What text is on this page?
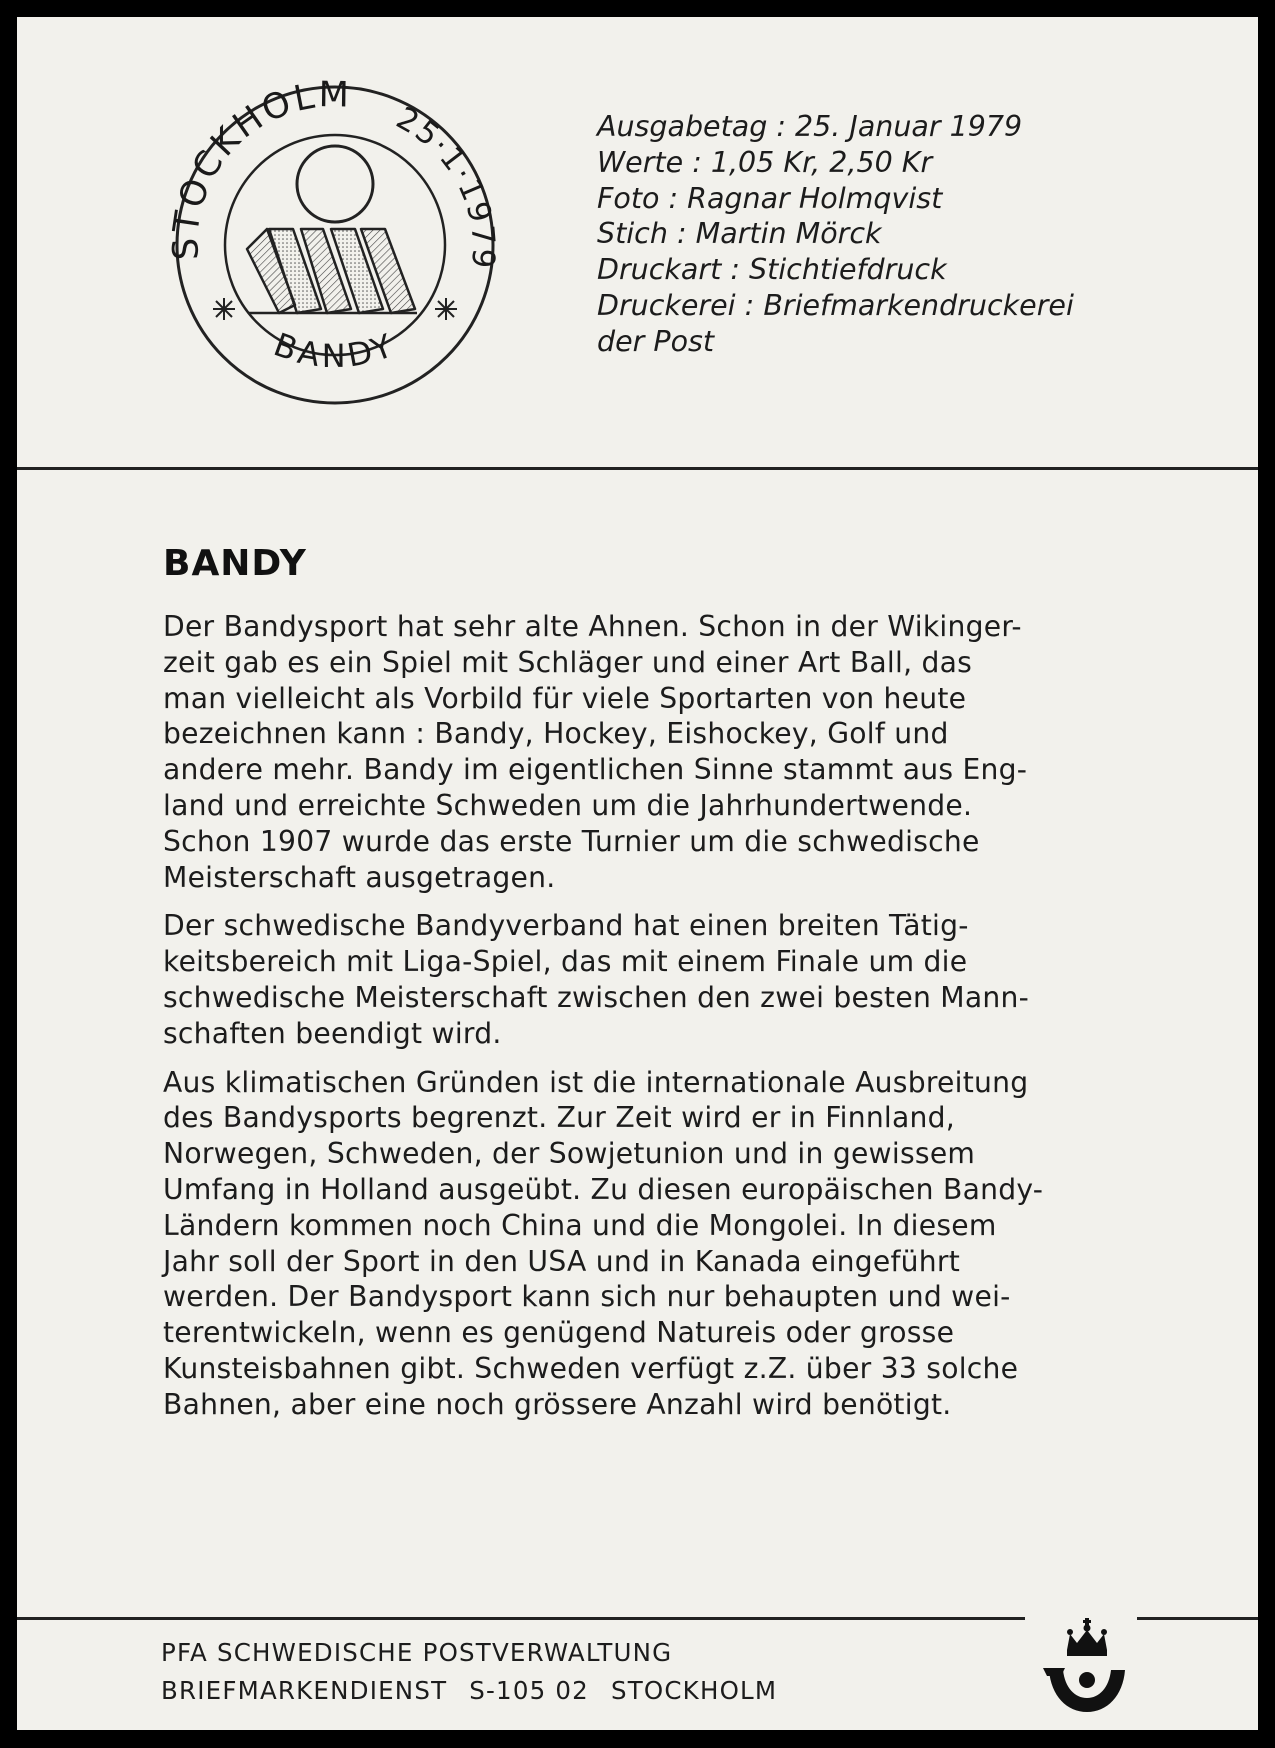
STOCKHOLM
25·1·1979
BANDY
Ausgabetag : 25. Januar 1979
Werte : 1,05 Kr, 2,50 Kr
Foto : Ragnar Holmqvist
Stich : Martin Mörck
Druckart : Stichtiefdruck
Druckerei : Briefmarkendruckerei
der Post
BANDY
Der Bandysport hat sehr alte Ahnen. Schon in der Wikinger-
zeit gab es ein Spiel mit Schläger und einer Art Ball, das
man vielleicht als Vorbild für viele Sportarten von heute
bezeichnen kann : Bandy, Hockey, Eishockey, Golf und
andere mehr. Bandy im eigentlichen Sinne stammt aus Eng-
land und erreichte Schweden um die Jahrhundertwende.
Schon 1907 wurde das erste Turnier um die schwedische
Meisterschaft ausgetragen.
Der schwedische Bandyverband hat einen breiten Tätig-
keitsbereich mit Liga-Spiel, das mit einem Finale um die
schwedische Meisterschaft zwischen den zwei besten Mann-
schaften beendigt wird.
Aus klimatischen Gründen ist die internationale Ausbreitung
des Bandysports begrenzt. Zur Zeit wird er in Finnland,
Norwegen, Schweden, der Sowjetunion und in gewissem
Umfang in Holland ausgeübt. Zu diesen europäischen Bandy-
Ländern kommen noch China und die Mongolei. In diesem
Jahr soll der Sport in den USA und in Kanada eingeführt
werden. Der Bandysport kann sich nur behaupten und wei-
terentwickeln, wenn es genügend Natureis oder grosse
Kunsteisbahnen gibt. Schweden verfügt z.Z. über 33 solche
Bahnen, aber eine noch grössere Anzahl wird benötigt.
PFA SCHWEDISCHE POSTVERWALTUNG
BRIEFMARKENDIENST S-105 02 STOCKHOLM
